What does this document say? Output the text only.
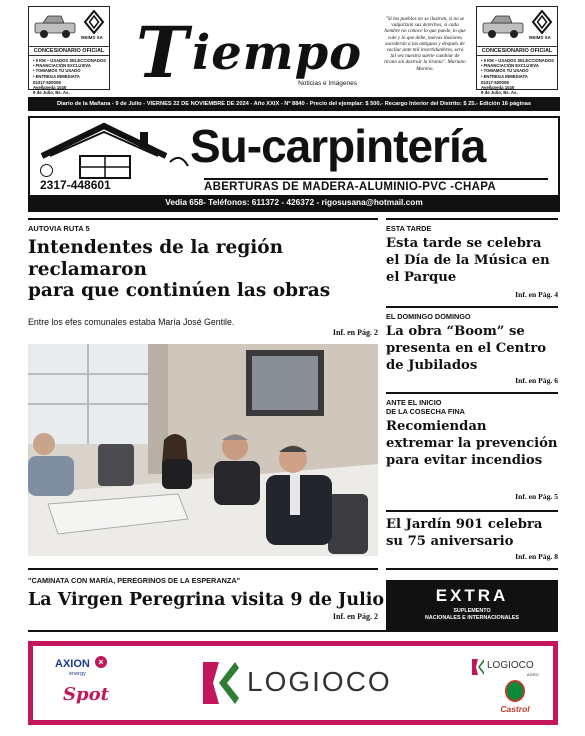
REIMS SA
CONCESIONARIO OFICIAL
• 0 KM – USADOS SELECCIONADOS
• FINANCIACIÓN EXCLUSIVA
• TOMAMOS TU USADO
• ENTREGA INMEDIATA
02317-520008
Avellaneda 1045
9 de Julio, Bs. As. T iempo
Noticias e Imágenes
"Si los pueblos no se ilustran, si no se vulgarizan sus derechos, si cada hombre no conoce lo que puede, lo que vale y lo que debe, nuevas ilusiones sucederán a las antiguas y después de vacilar ante mil incertidumbres, será tal vez nuestra suerte cambiar de tirano sin destruir la tiranía". Mariano Moreno.
REIMS SA
CONCESIONARIO OFICIAL
• 0 KM – USADOS SELECCIONADOS
• FINANCIACIÓN EXCLUSIVA
• TOMAMOS TU USADO
• ENTREGA INMEDIATA
02317-520008
Avellaneda 1045
9 de Julio, Bs. As.
Diario de la Mañana - 9 de Julio - VIERNES 22 DE NOVIEMBRE DE 2024 - Año XXIX - Nº 8840 - Precio del ejemplar: $ 500.- Recargo Interior del Distrito: $ 25.- Edición 16 páginas
Su-carpintería
2317-448601	ABERTURAS DE MADERA-ALUMINIO-PVC -CHAPA
Vedia 658- Teléfonos: 611372 - 426372 - rigosusana@hotmail.com
AUTOVIA RUTA 5
Intendentes de la región
reclamaron
para que continúen las obras
Entre los efes comunales estaba María José Gentile.
Inf. en Pág. 2
"CAMINATA CON MARÍA, PEREGRINOS DE LA ESPERANZA"
La Virgen Peregrina visita 9 de Julio
Inf. en Pág. 2
ESTA TARDE
Esta tarde se celebra el Día de la Música en el Parque
Inf. en Pág. 4
EL DOMINGO DOMINGO
La obra “Boom” se presenta en el Centro de Jubilados
Inf. en Pág. 6
ANTE EL INICIO
DE LA COSECHA FINA
Recomiendan extremar la prevención para evitar incendios
Inf. en Pág. 5
El Jardín 901 celebra su 75 aniversario
Inf. en Pág. 8
EXTRA
SUPLEMENTO
NACIONALES E INTERNACIONALES
AXION ×
energy
Spot	LOGIOCO
LOGIOCO
AGRO
Castrol
